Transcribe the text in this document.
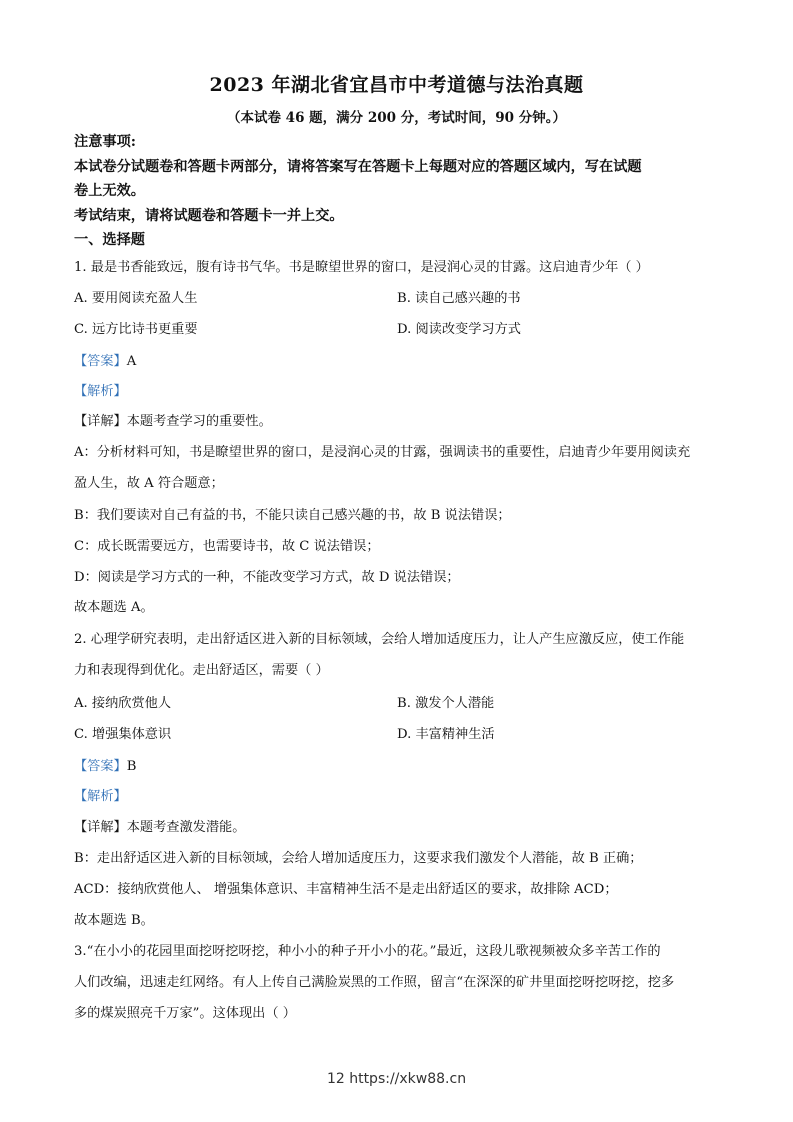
2023 年湖北省宜昌市中考道德与法治真题
（本试卷 46 题，满分 200 分，考试时间，90 分钟。）
注意事项:
本试卷分试题卷和答题卡两部分，请将答案写在答题卡上每题对应的答题区域内，写在试题
卷上无效。
考试结束，请将试题卷和答题卡一并上交。
一、选择题
1. 最是书香能致远，腹有诗书气华。书是瞭望世界的窗口，是浸润心灵的甘露。这启迪青少年（ ）
A. 要用阅读充盈人生	B. 读自己感兴趣的书
C. 远方比诗书更重要	D. 阅读改变学习方式
【答案】A
【解析】
【详解】本题考查学习的重要性。
A：分析材料可知，书是瞭望世界的窗口，是浸润心灵的甘露，强调读书的重要性，启迪青少年要用阅读充
盈人生，故 A 符合题意；
B：我们要读对自己有益的书，不能只读自己感兴趣的书，故 B 说法错误；
C：成长既需要远方，也需要诗书，故 C 说法错误；
D：阅读是学习方式的一种，不能改变学习方式，故 D 说法错误；
故本题选 A。
2. 心理学研究表明，走出舒适区进入新的目标领域，会给人增加适度压力，让人产生应激反应，使工作能
力和表现得到优化。走出舒适区，需要（ ）
A. 接纳欣赏他人	B. 激发个人潜能
C. 增强集体意识	D. 丰富精神生活
【答案】B
【解析】
【详解】本题考查激发潜能。
B：走出舒适区进入新的目标领域，会给人增加适度压力，这要求我们激发个人潜能，故 B 正确；
ACD：接纳欣赏他人、 增强集体意识、丰富精神生活不是走出舒适区的要求，故排除 ACD；
故本题选 B。
3.“在小小的花园里面挖呀挖呀挖，种小小的种子开小小的花。”最近，这段儿歌视频被众多辛苦工作的
人们改编，迅速走红网络。有人上传自己满脸炭黑的工作照，留言“在深深的矿井里面挖呀挖呀挖，挖多
多的煤炭照亮千万家”。这体现出（ ）
12 https://xkw88.cn
